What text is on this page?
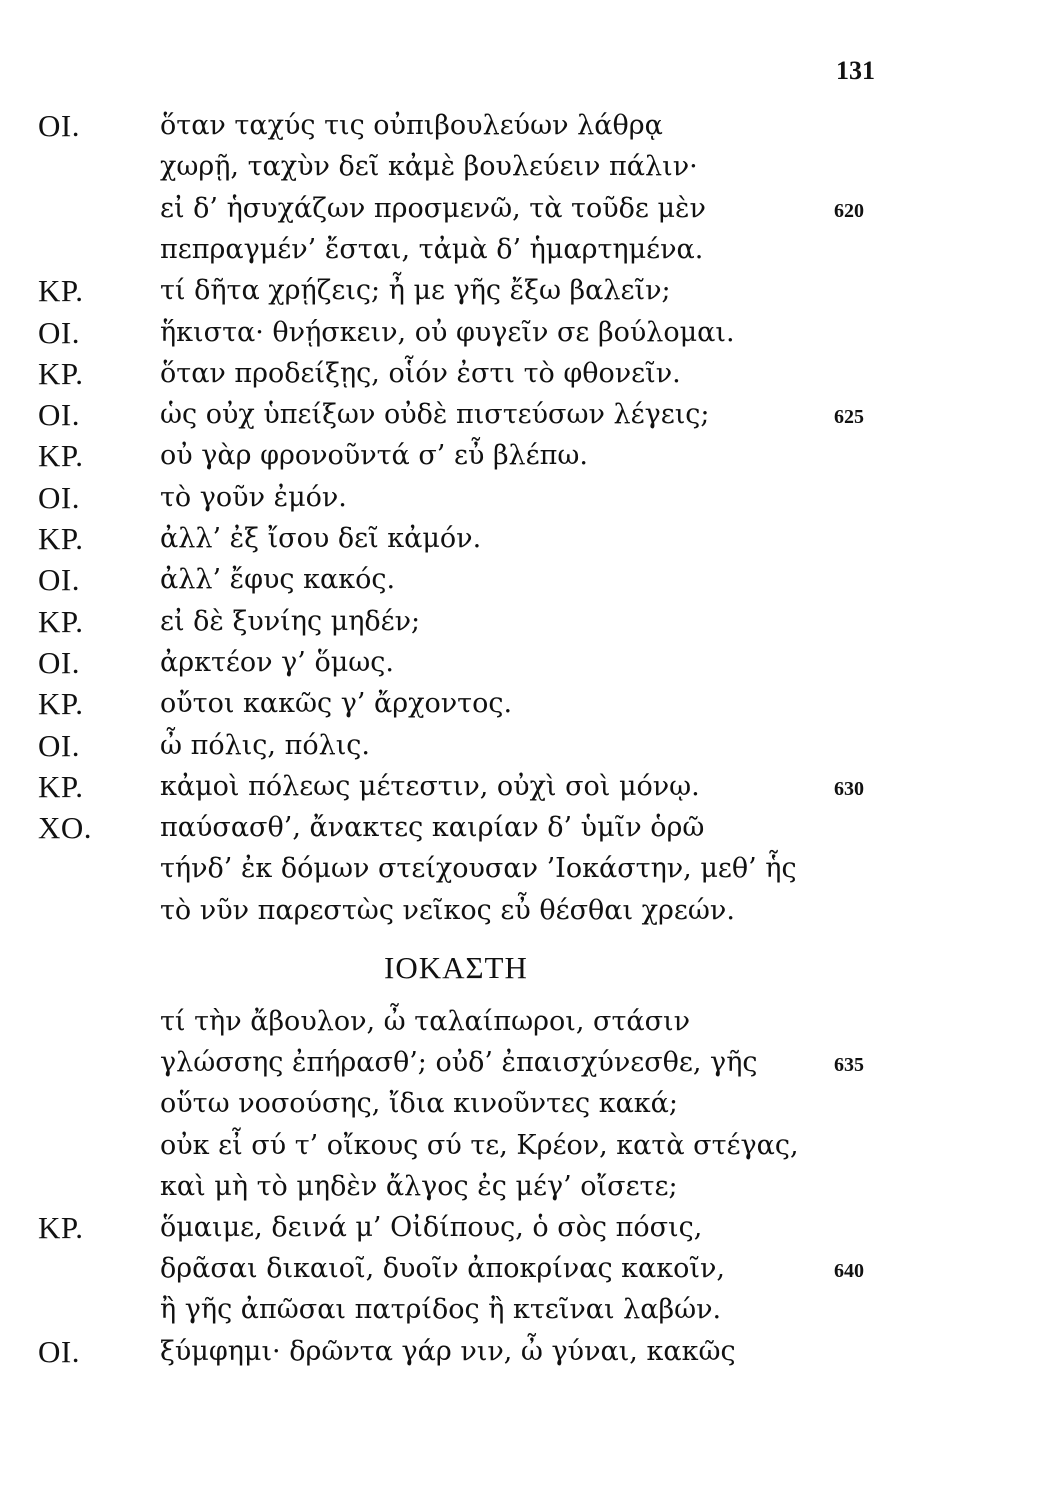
131
ΟΙ.	ὅταν ταχύς τις οὐπιβουλεύων λάθρᾳ
χωρῇ, ταχὺν δεῖ κἀμὲ βουλεύειν πάλιν·
εἰ δ’ ἡσυχάζων προσμενῶ, τὰ τοῦδε μὲν	620
πεπραγμέν’ ἔσται, τἀμὰ δ’ ἡμαρτημένα.
ΚΡ.	τί δῆτα χρῄζεις; ἦ με γῆς ἔξω βαλεῖν;
ΟΙ.	ἥκιστα· θνῄσκειν, οὐ φυγεῖν σε βούλομαι.
ΚΡ.	ὅταν προδείξῃς, οἷόν ἐστι τὸ φθονεῖν.
ΟΙ.	ὡς οὐχ ὑπείξων οὐδὲ πιστεύσων λέγεις;	625
ΚΡ.	οὐ γὰρ φρονοῦντά σ’ εὖ βλέπω.
ΟΙ.	τὸ γοῦν ἐμόν.
ΚΡ.	ἀλλ’ ἐξ ἴσου δεῖ κἀμόν.
ΟΙ.	ἀλλ’ ἔφυς κακός.
ΚΡ.	εἰ δὲ ξυνίης μηδέν;
ΟΙ.	ἀρκτέον γ’ ὅμως.
ΚΡ.	οὔτοι κακῶς γ’ ἄρχοντος.
ΟΙ.	ὦ πόλις, πόλις.
ΚΡ.	κἀμοὶ πόλεως μέτεστιν, οὐχὶ σοὶ μόνῳ.	630
ΧΟ.	παύσασθ’, ἄνακτες καιρίαν δ’ ὑμῖν ὁρῶ
τήνδ’ ἐκ δόμων στείχουσαν ’Ιοκάστην, μεθ’ ἧς
τὸ νῦν παρεστὼς νεῖκος εὖ θέσθαι χρεών.
ΙΟΚΑΣΤΗ
τί τὴν ἄβουλον, ὦ ταλαίπωροι, στάσιν
γλώσσης ἐπήρασθ’; οὐδ’ ἐπαισχύνεσθε, γῆς	635
οὕτω νοσούσης, ἴδια κινοῦντες κακά;
οὐκ εἶ σύ τ’ οἴκους σύ τε, Κρέον, κατὰ στέγας,
καὶ μὴ τὸ μηδὲν ἄλγος ἐς μέγ’ οἴσετε;
ΚΡ.	ὅμαιμε, δεινά μ’ Οἰδίπους, ὁ σὸς πόσις,
δρᾶσαι δικαιοῖ, δυοῖν ἀποκρίνας κακοῖν,	640
ἢ γῆς ἀπῶσαι πατρίδος ἢ κτεῖναι λαβών.
ΟΙ.	ξύμφημι· δρῶντα γάρ νιν, ὦ γύναι, κακῶς
